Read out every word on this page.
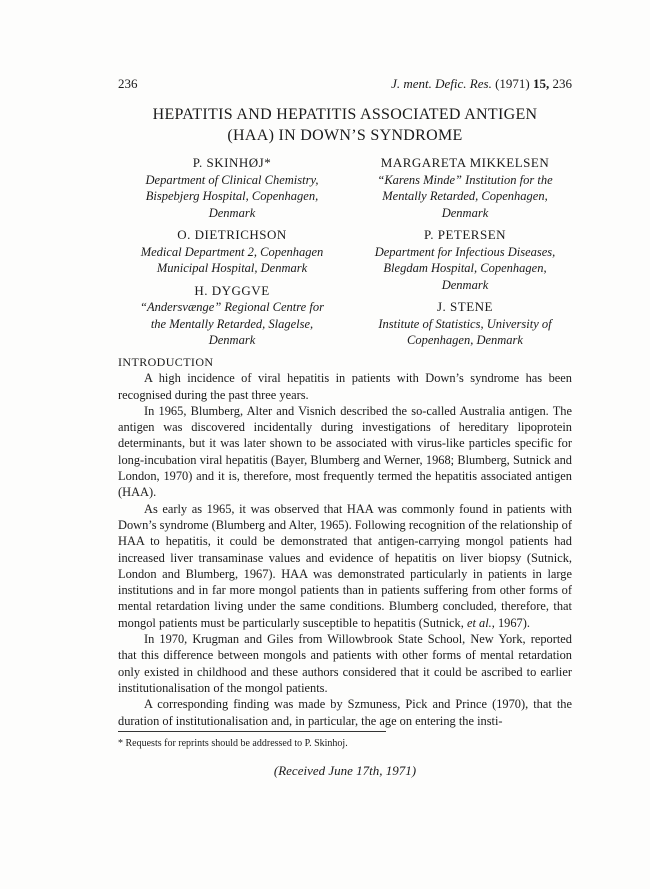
236	J. ment. Defic. Res. (1971) 15, 236
HEPATITIS AND HEPATITIS ASSOCIATED ANTIGEN
(HAA) IN DOWN’S SYNDROME
P. SKINHØJ*
Department of Clinical Chemistry,
Bispebjerg Hospital, Copenhagen,
Denmark
O. DIETRICHSON
Medical Department 2, Copenhagen
Municipal Hospital, Denmark
H. DYGGVE
“Andersvænge” Regional Centre for
the Mentally Retarded, Slagelse,
Denmark
MARGARETA MIKKELSEN
“Karens Minde” Institution for the
Mentally Retarded, Copenhagen,
Denmark
P. PETERSEN
Department for Infectious Diseases,
Blegdam Hospital, Copenhagen,
Denmark
J. STENE
Institute of Statistics, University of
Copenhagen, Denmark
INTRODUCTION

A high incidence of viral hepatitis in patients with Down’s syndrome has been recognised during the past three years.

In 1965, Blumberg, Alter and Visnich described the so-called Australia antigen. The antigen was discovered incidentally during investigations of hereditary lipoprotein determinants, but it was later shown to be associated with virus-like particles specific for long-incubation viral hepatitis (Bayer, Blumberg and Werner, 1968; Blumberg, Sutnick and London, 1970) and it is, therefore, most frequently termed the hepatitis associated antigen (HAA).

As early as 1965, it was observed that HAA was commonly found in patients with Down’s syndrome (Blumberg and Alter, 1965). Following recognition of the relationship of HAA to hepatitis, it could be demonstrated that antigen-carrying mongol patients had increased liver transaminase values and evidence of hepatitis on liver biopsy (Sutnick, London and Blumberg, 1967). HAA was demonstrated particularly in patients in large institutions and in far more mongol patients than in patients suffering from other forms of mental retardation living under the same conditions. Blumberg concluded, therefore, that mongol patients must be particularly susceptible to hepatitis (Sutnick, et al., 1967).

In 1970, Krugman and Giles from Willowbrook State School, New York, reported that this difference between mongols and patients with other forms of mental retardation only existed in childhood and these authors considered that it could be ascribed to earlier institutionalisation of the mongol patients.

A corresponding finding was made by Szmuness, Pick and Prince (1970), that the duration of institutionalisation and, in particular, the age on entering the insti-

* Requests for reprints should be addressed to P. Skinhoj.
(Received June 17th, 1971)
